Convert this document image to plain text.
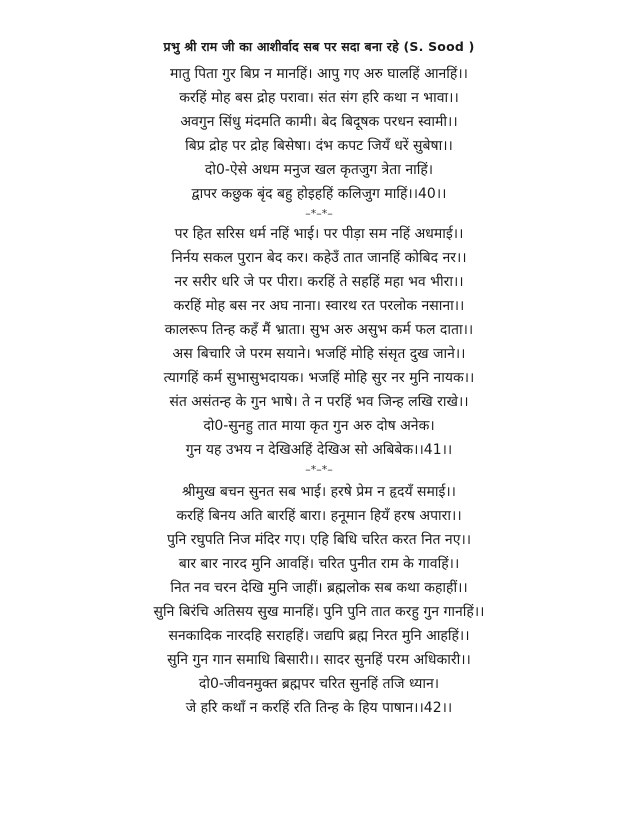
प्रभु श्री राम जी का आशीर्वाद सब पर सदा बना रहे (S. Sood )
मातु पिता गुर बिप्र न मानहिं। आपु गए अरु घालहिं आनहिं।।
करहिं मोह बस द्रोह परावा। संत संग हरि कथा न भावा।।
अवगुन सिंधु मंदमति कामी। बेद बिदूषक परधन स्वामी।।
बिप्र द्रोह पर द्रोह बिसेषा। दंभ कपट जियँ धरें सुबेषा।।
दो0-ऐसे अधम मनुज खल कृतजुग त्रेता नाहिं।
द्वापर कछुक बृंद बहु होइहहिं कलिजुग माहिं।।40।।
–*–*–
पर हित सरिस धर्म नहिं भाई। पर पीड़ा सम नहिं अधमाई।।
निर्नय सकल पुरान बेद कर। कहेउँ तात जानहिं कोबिद नर।।
नर सरीर धरि जे पर पीरा। करहिं ते सहहिं महा भव भीरा।।
करहिं मोह बस नर अघ नाना। स्वारथ रत परलोक नसाना।।
कालरूप तिन्ह कहँ मैं भ्राता। सुभ अरु असुभ कर्म फल दाता।।
अस बिचारि जे परम सयाने। भजहिं मोहि संसृत दुख जाने।।
त्यागहिं कर्म सुभासुभदायक। भजहिं मोहि सुर नर मुनि नायक।।
संत असंतन्ह के गुन भाषे। ते न परहिं भव जिन्ह लखि राखे।।
दो0-सुनहु तात माया कृत गुन अरु दोष अनेक।
गुन यह उभय न देखिअहिं देखिअ सो अबिबेक।।41।।
–*–*–
श्रीमुख बचन सुनत सब भाई। हरषे प्रेम न हृदयँ समाई।।
करहिं बिनय अति बारहिं बारा। हनूमान हियँ हरष अपारा।।
पुनि रघुपति निज मंदिर गए। एहि बिधि चरित करत नित नए।।
बार बार नारद मुनि आवहिं। चरित पुनीत राम के गावहिं।।
नित नव चरन देखि मुनि जाहीं। ब्रह्मलोक सब कथा कहाहीं।।
सुनि बिरंचि अतिसय सुख मानहिं। पुनि पुनि तात करहु गुन गानहिं।।
सनकादिक नारदहि सराहहिं। जद्यपि ब्रह्म निरत मुनि आहहिं।।
सुनि गुन गान समाधि बिसारी।। सादर सुनहिं परम अधिकारी।।
दो0-जीवनमुक्त ब्रह्मपर चरित सुनहिं तजि ध्यान।
जे हरि कथाँ न करहिं रति तिन्ह के हिय पाषान।।42।।
